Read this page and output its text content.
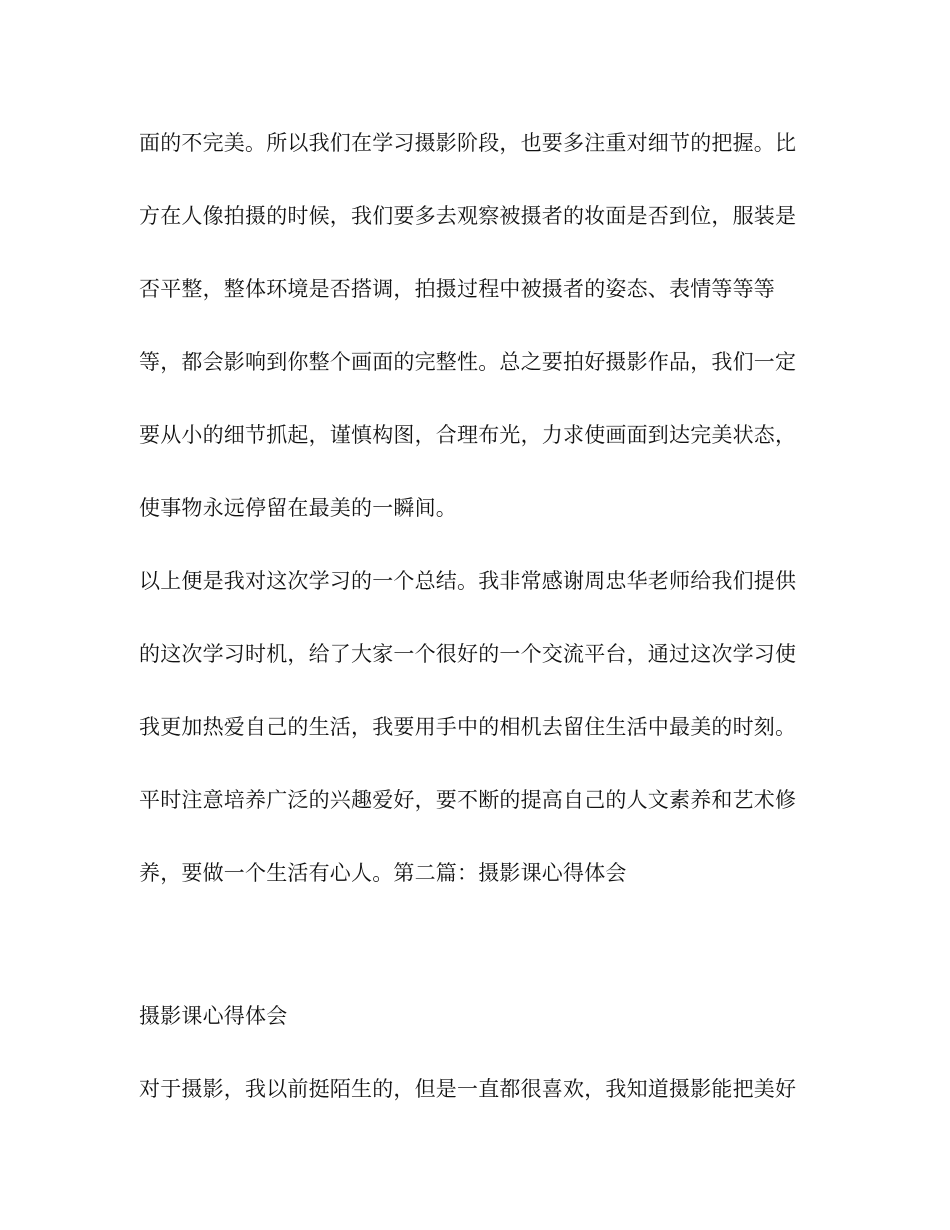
面的不完美。所以我们在学习摄影阶段，也要多注重对细节的把握。比
方在人像拍摄的时候，我们要多去观察被摄者的妆面是否到位，服装是
否平整，整体环境是否搭调，拍摄过程中被摄者的姿态、表情等等等
等，都会影响到你整个画面的完整性。总之要拍好摄影作品，我们一定
要从小的细节抓起，谨慎构图，合理布光，力求使画面到达完美状态，
使事物永远停留在最美的一瞬间。
以上便是我对这次学习的一个总结。我非常感谢周忠华老师给我们提供
的这次学习时机，给了大家一个很好的一个交流平台，通过这次学习使
我更加热爱自己的生活，我要用手中的相机去留住生活中最美的时刻。
平时注意培养广泛的兴趣爱好，要不断的提高自己的人文素养和艺术修
养，要做一个生活有心人。第二篇：摄影课心得体会
摄影课心得体会
对于摄影，我以前挺陌生的，但是一直都很喜欢，我知道摄影能把美好
